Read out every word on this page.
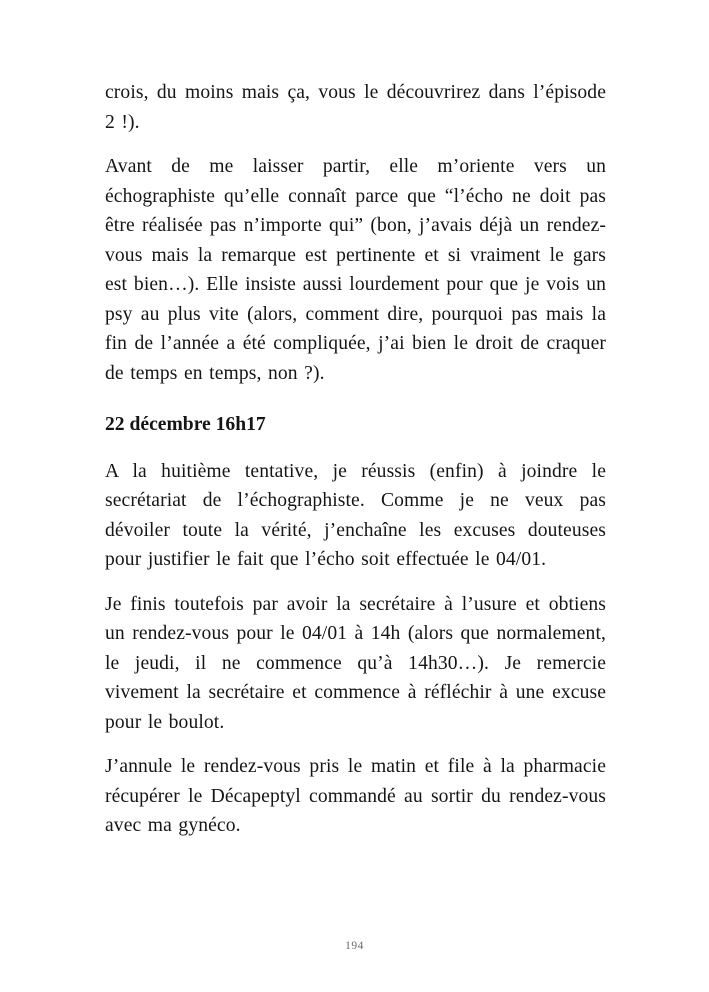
crois, du moins mais ça, vous le découvrirez dans l’épisode 2 !).

Avant de me laisser partir, elle m’oriente vers un échographiste qu’elle connaît parce que “l’écho ne doit pas être réalisée pas n’importe qui” (bon, j’avais déjà un rendez-vous mais la remarque est pertinente et si vraiment le gars est bien…). Elle insiste aussi lourdement pour que je vois un psy au plus vite (alors, comment dire, pourquoi pas mais la fin de l’année a été compliquée, j’ai bien le droit de craquer de temps en temps, non ?).

22 décembre 16h17

A la huitième tentative, je réussis (enfin) à joindre le secrétariat de l’échographiste. Comme je ne veux pas dévoiler toute la vérité, j’enchaîne les excuses douteuses pour justifier le fait que l’écho soit effectuée le 04/01.

Je finis toutefois par avoir la secrétaire à l’usure et obtiens un rendez-vous pour le 04/01 à 14h (alors que normalement, le jeudi, il ne commence qu’à 14h30…). Je remercie vivement la secrétaire et commence à réfléchir à une excuse pour le boulot.

J’annule le rendez-vous pris le matin et file à la pharmacie récupérer le Décapeptyl commandé au sortir du rendez-vous avec ma gynéco.

194
